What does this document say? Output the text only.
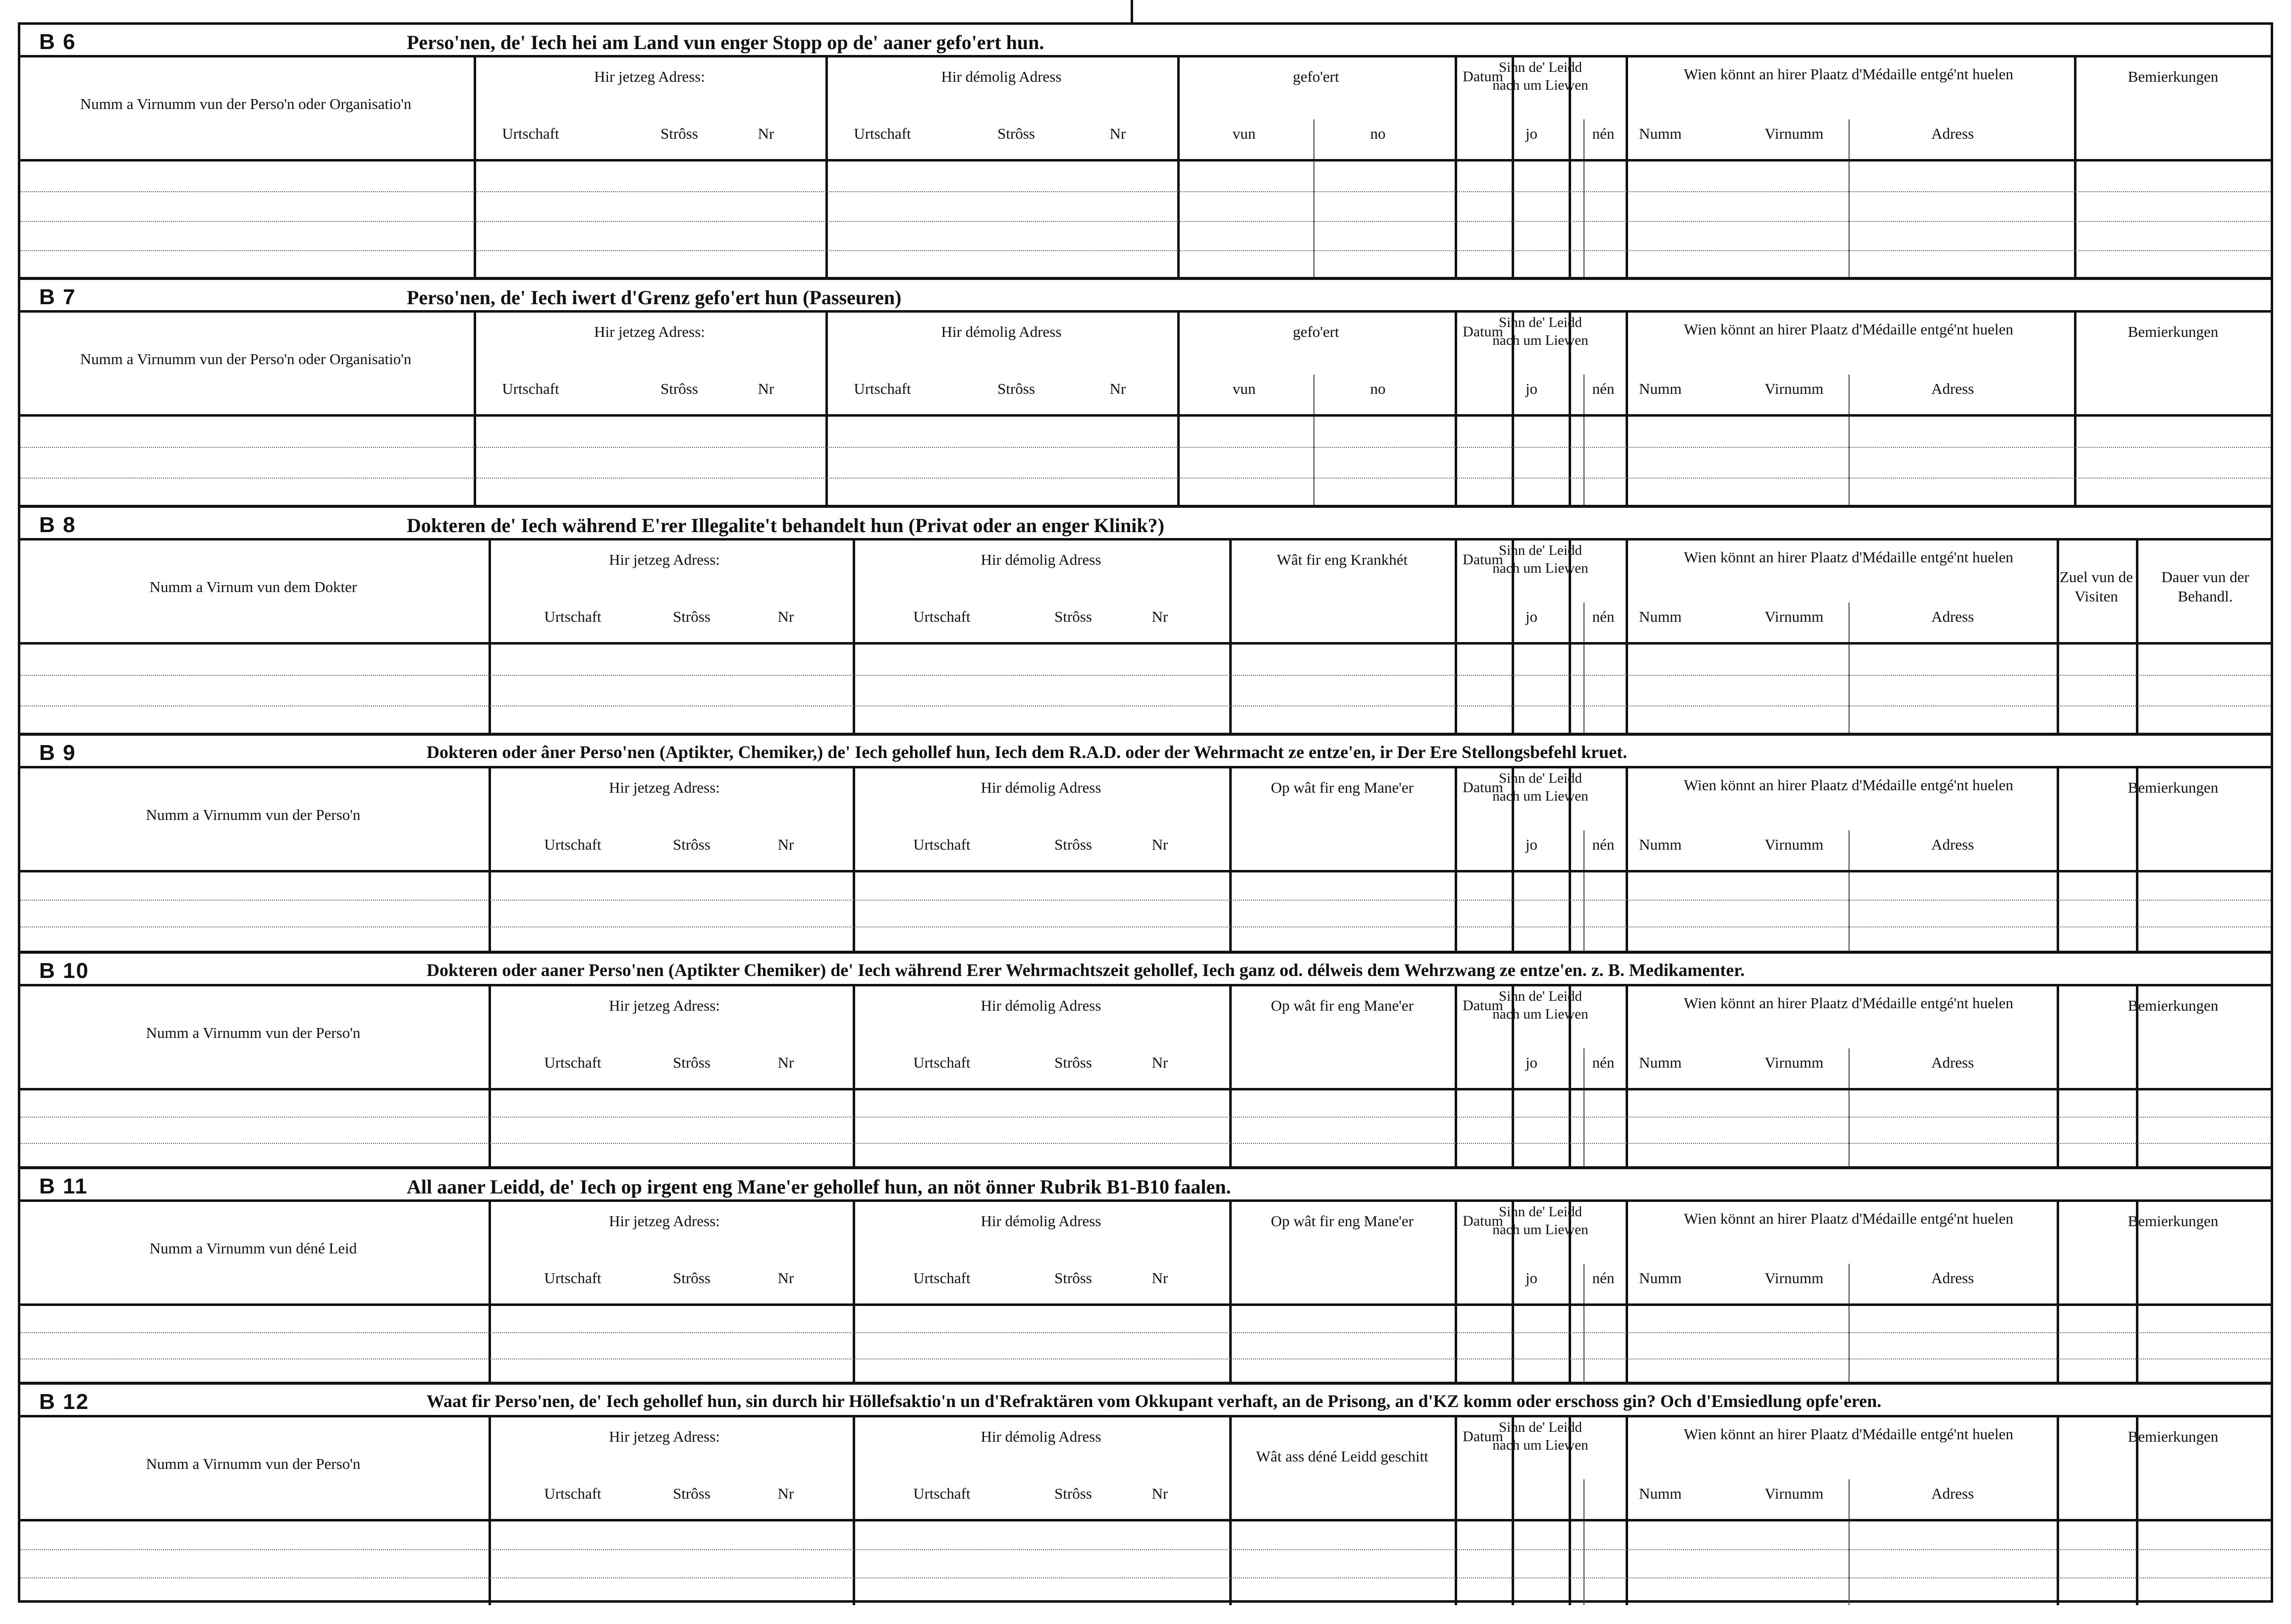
B 6	Perso'nen, de' Iech hei am Land vun enger Stopp op de' aaner gefo'ert hun.
Numm a Virnumm vun der Perso'n oder Organisatio'n
Hir jetzeg Adress:
Urtschaft	Strôss	Nr
Hir démolig Adress
Urtschaft	Strôss	Nr
gefo'ert
vun	no
Datum
Sinn de' Leidd nach um Liewen
jo	nén
Wien könnt an hirer Plaatz d'Médaille entgé'nt huelen
Numm	Virnumm	Adress
Bemierkungen
B 7	Perso'nen, de' Iech iwert d'Grenz gefo'ert hun (Passeuren)
Numm a Virnumm vun der Perso'n oder Organisatio'n
Hir jetzeg Adress:
Urtschaft	Strôss	Nr
Hir démolig Adress
Urtschaft	Strôss	Nr
gefo'ert
vun	no
Datum
Sinn de' Leidd nach um Liewen
jo	nén
Wien könnt an hirer Plaatz d'Médaille entgé'nt huelen
Numm	Virnumm	Adress
Bemierkungen
B 8	Dokteren de' Iech während E'rer Illegalite't behandelt hun (Privat oder an enger Klinik?)
Numm a Virnum vun dem Dokter
Hir jetzeg Adress:
Urtschaft	Strôss	Nr
Hir démolig Adress
Urtschaft	Strôss	Nr
Wât fir eng Krankhét	Datum
Sinn de' Leidd nach um Liewen
jo	nén
Wien könnt an hirer Plaatz d'Médaille entgé'nt huelen
Numm	Virnumm	Adress
Zuel vun de Visiten
Dauer vun der Behandl.
B 9	Dokteren oder âner Perso'nen (Aptikter, Chemiker,) de' Iech gehollef hun, Iech dem R.A.D. oder der Wehrmacht ze entze'en, ir Der Ere Stellongsbefehl kruet.
Numm a Virnumm vun der Perso'n
Hir jetzeg Adress:
Urtschaft	Strôss	Nr
Hir démolig Adress
Urtschaft	Strôss	Nr
Op wât fir eng Mane'er	Datum
Sinn de' Leidd nach um Liewen
jo	nén
Wien könnt an hirer Plaatz d'Médaille entgé'nt huelen
Numm	Virnumm	Adress
Bemierkungen
B 10	Dokteren oder aaner Perso'nen (Aptikter Chemiker) de' Iech während Erer Wehrmachtszeit gehollef, Iech ganz od. délweis dem Wehrzwang ze entze'en. z. B. Medikamenter.
Numm a Virnumm vun der Perso'n
Hir jetzeg Adress:
Urtschaft	Strôss	Nr
Hir démolig Adress
Urtschaft	Strôss	Nr
Op wât fir eng Mane'er	Datum
Sinn de' Leidd nach um Liewen
jo	nén
Wien könnt an hirer Plaatz d'Médaille entgé'nt huelen
Numm	Virnumm	Adress
Bemierkungen
B 11	All aaner Leidd, de' Iech op irgent eng Mane'er gehollef hun, an nöt önner Rubrik B1-B10 faalen.
Numm a Virnumm vun déné Leid
Hir jetzeg Adress:
Urtschaft	Strôss	Nr
Hir démolig Adress
Urtschaft	Strôss	Nr
Op wât fir eng Mane'er	Datum
Sinn de' Leidd nach um Liewen
jo	nén
Wien könnt an hirer Plaatz d'Médaille entgé'nt huelen
Numm	Virnumm	Adress
Bemierkungen
B 12	Waat fir Perso'nen, de' Iech gehollef hun, sin durch hir Höllefsaktio'n un d'Refraktären vom Okkupant verhaft, an de Prisong, an d'KZ komm oder erschoss gin? Och d'Emsiedlung opfe'eren.
Numm a Virnumm vun der Perso'n
Hir jetzeg Adress:
Urtschaft	Strôss	Nr
Hir démolig Adress
Urtschaft	Strôss	Nr
Wât ass déné Leidd geschitt
Datum
Sinn de' Leidd nach um Liewen
Wien könnt an hirer Plaatz d'Médaille entgé'nt huelen
Numm	Virnumm	Adress
Bemierkungen
